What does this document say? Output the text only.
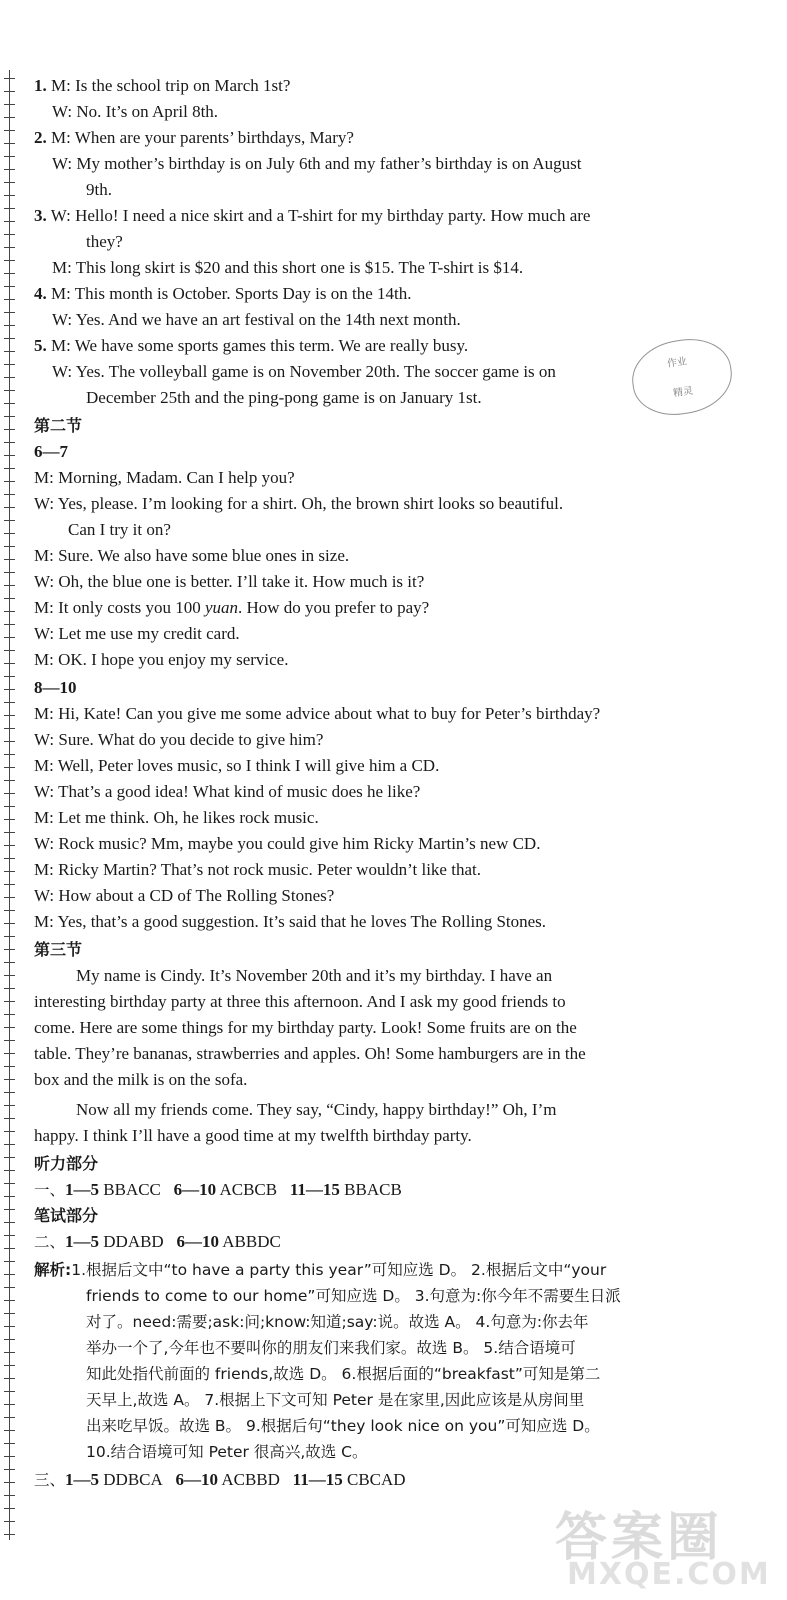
1. M: Is the school trip on March 1st?
W: No. It’s on April 8th.
2. M: When are your parents’ birthdays, Mary?
W: My mother’s birthday is on July 6th and my father’s birthday is on August
9th.
3. W: Hello! I need a nice skirt and a T-shirt for my birthday party. How much are
they?
M: This long skirt is $20 and this short one is $15. The T-shirt is $14.
4. M: This month is October. Sports Day is on the 14th.
W: Yes. And we have an art festival on the 14th next month.
5. M: We have some sports games this term. We are really busy.
W: Yes. The volleyball game is on November 20th. The soccer game is on
December 25th and the ping-pong game is on January 1st.
作业
精灵
第二节
6—7
M: Morning, Madam. Can I help you?
W: Yes, please. I’m looking for a shirt. Oh, the brown shirt looks so beautiful.
Can I try it on?
M: Sure. We also have some blue ones in size.
W: Oh, the blue one is better. I’ll take it. How much is it?
M: It only costs you 100 yuan. How do you prefer to pay?
W: Let me use my credit card.
M: OK. I hope you enjoy my service.
8—10
M: Hi, Kate! Can you give me some advice about what to buy for Peter’s birthday?
W: Sure. What do you decide to give him?
M: Well, Peter loves music, so I think I will give him a CD.
W: That’s a good idea! What kind of music does he like?
M: Let me think. Oh, he likes rock music.
W: Rock music? Mm, maybe you could give him Ricky Martin’s new CD.
M: Ricky Martin? That’s not rock music. Peter wouldn’t like that.
W: How about a CD of The Rolling Stones?
M: Yes, that’s a good suggestion. It’s said that he loves The Rolling Stones.
第三节
My name is Cindy. It’s November 20th and it’s my birthday. I have an
interesting birthday party at three this afternoon. And I ask my good friends to
come. Here are some things for my birthday party. Look! Some fruits are on the
table. They’re bananas, strawberries and apples. Oh! Some hamburgers are in the
box and the milk is on the sofa.
Now all my friends come. They say, “Cindy, happy birthday!” Oh, I’m
happy. I think I’ll have a good time at my twelfth birthday party.
听力部分
一、1—5 BBACC 6—10 ACBCB 11—15 BBACB
笔试部分
二、1—5 DDABD 6—10 ABBDC
解析:1.根据后文中“to have a party this year”可知应选 D。 2.根据后文中“your
friends to come to our home”可知应选 D。 3.句意为:你今年不需要生日派
对了。need:需要;ask:问;know:知道;say:说。故选 A。 4.句意为:你去年
举办一个了,今年也不要叫你的朋友们来我们家。故选 B。 5.结合语境可
知此处指代前面的 friends,故选 D。 6.根据后面的“breakfast”可知是第二
天早上,故选 A。 7.根据上下文可知 Peter 是在家里,因此应该是从房间里
出来吃早饭。故选 B。 9.根据后句“they look nice on you”可知应选 D。
10.结合语境可知 Peter 很高兴,故选 C。
三、1—5 DDBCA 6—10 ACBBD 11—15 CBCAD
答案圈
MXQE.COM
